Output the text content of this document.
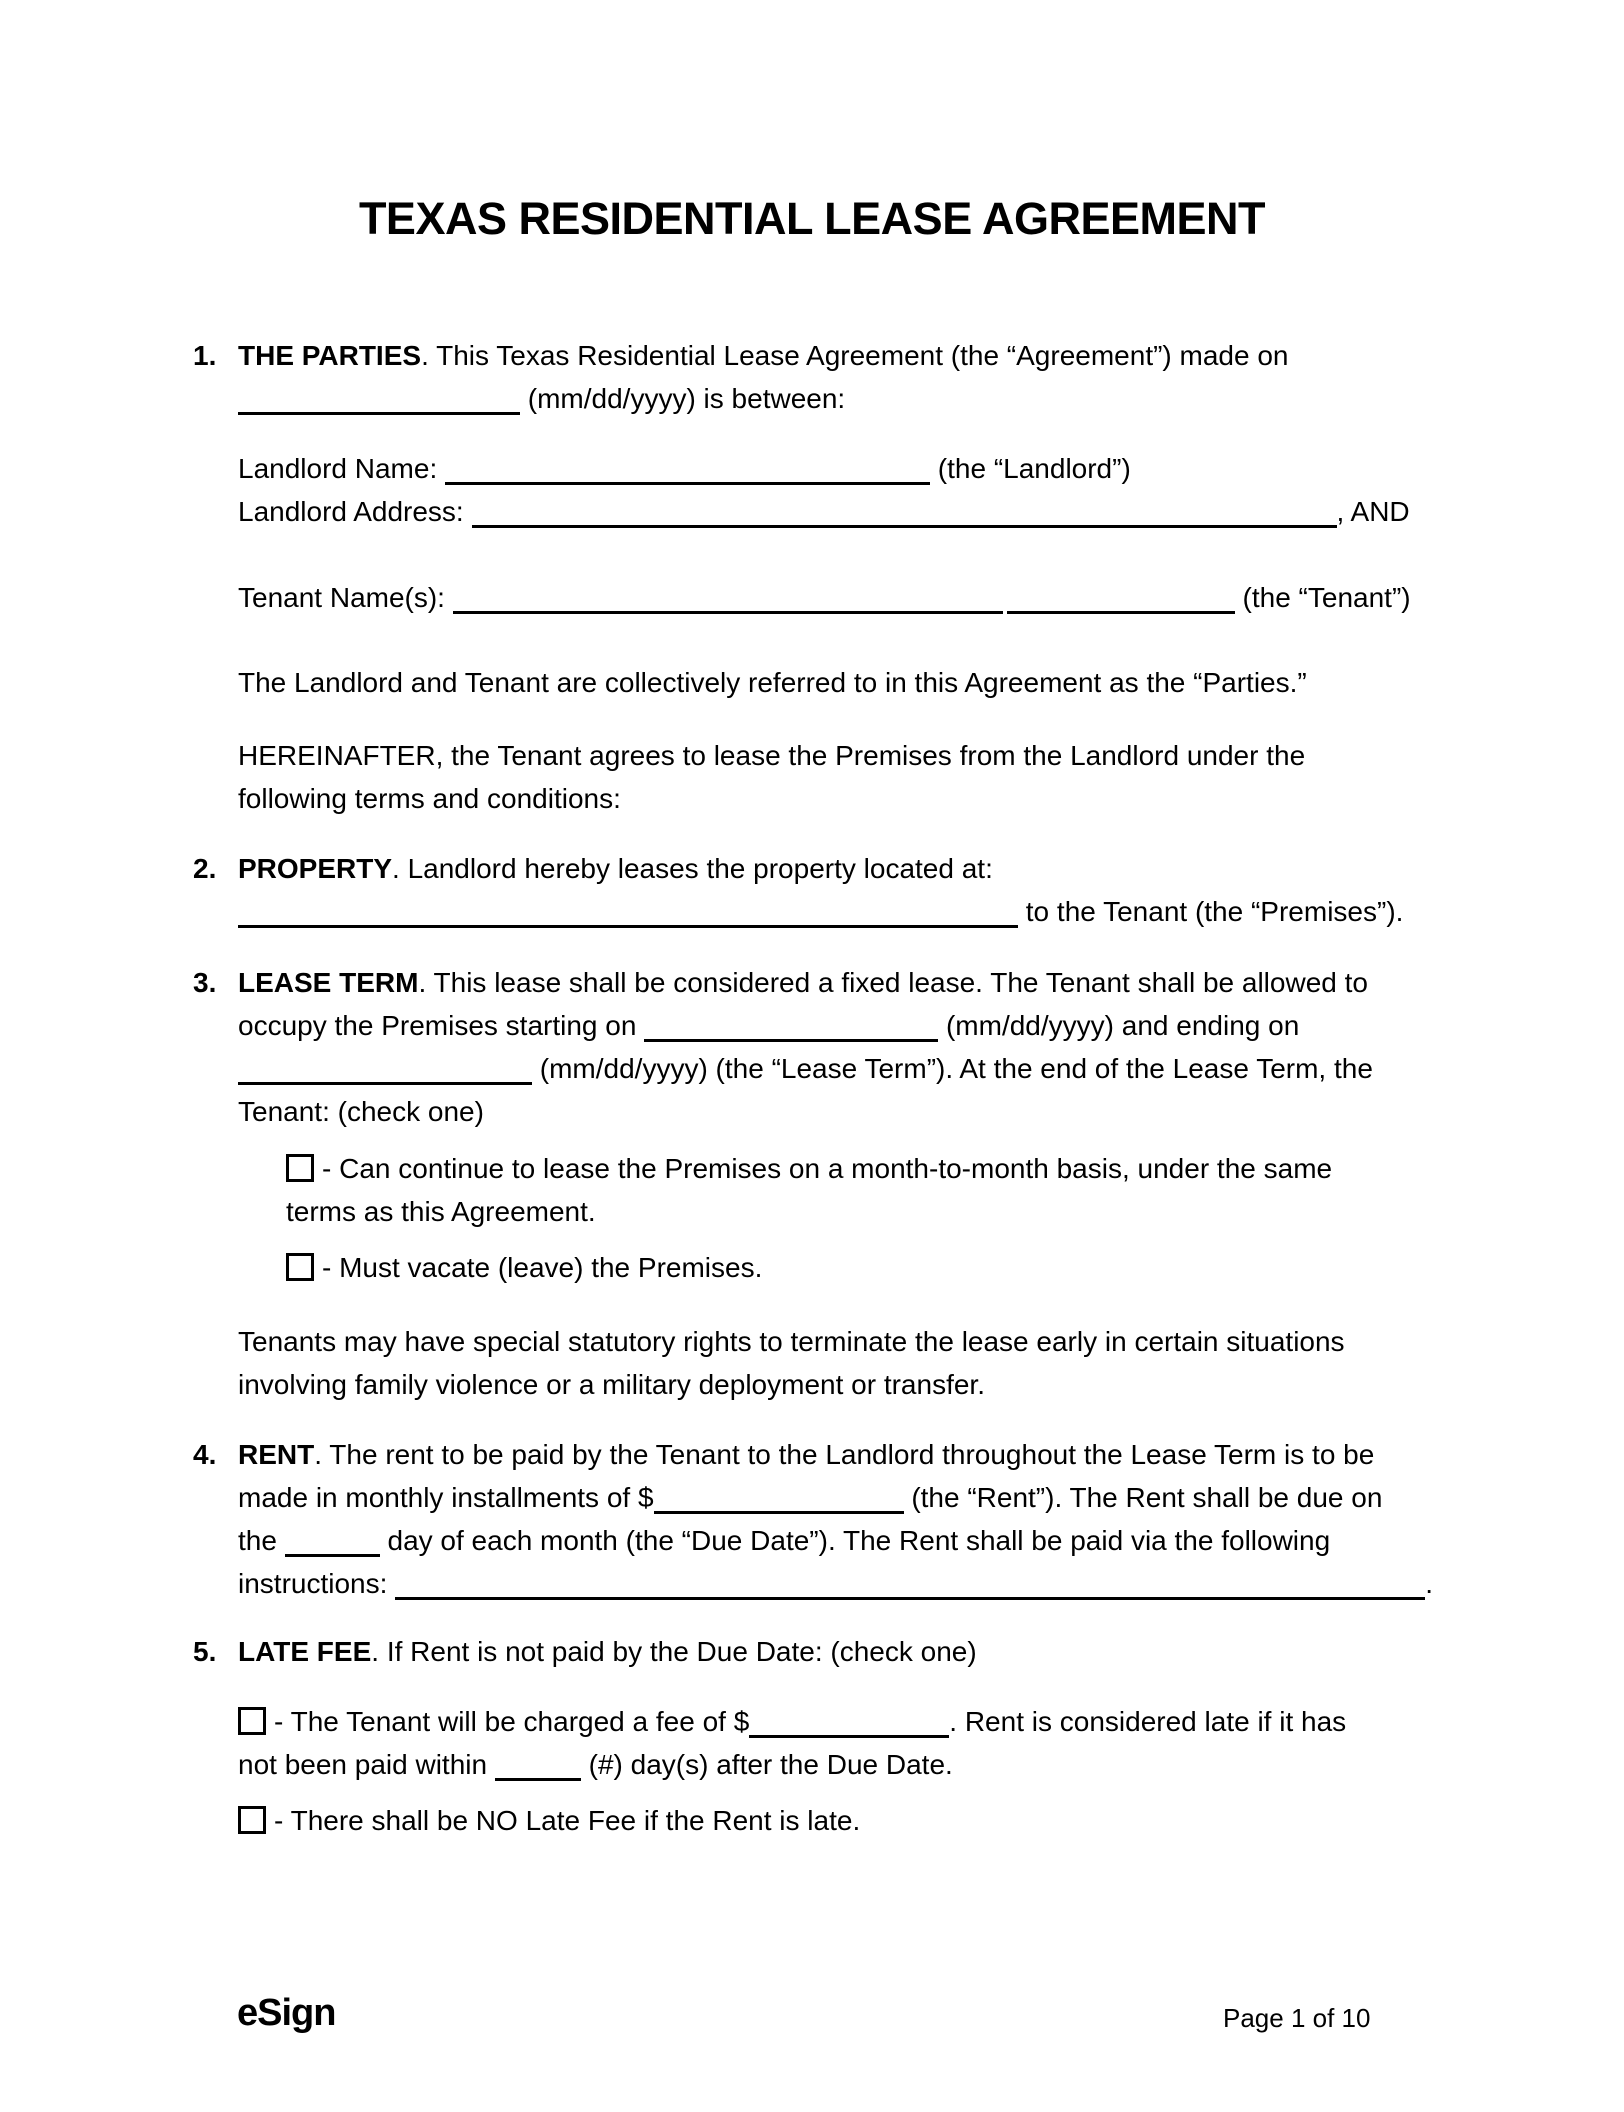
TEXAS RESIDENTIAL LEASE AGREEMENT
1. THE PARTIES. This Texas Residential Lease Agreement (the “Agreement”) made on
(mm/dd/yyyy) is between:
Landlord Name:	(the “Landlord”)
Landlord Address:	, AND
Tenant Name(s):	(the “Tenant”)
The Landlord and Tenant are collectively referred to in this Agreement as the “Parties.”
HEREINAFTER, the Tenant agrees to lease the Premises from the Landlord under the
following terms and conditions:
2. PROPERTY. Landlord hereby leases the property located at:
to the Tenant (the “Premises”).
3. LEASE TERM. This lease shall be considered a fixed lease. The Tenant shall be allowed to
occupy the Premises starting on	(mm/dd/yyyy) and ending on
(mm/dd/yyyy) (the “Lease Term”). At the end of the Lease Term, the
Tenant: (check one)
- Can continue to lease the Premises on a month-to-month basis, under the same
terms as this Agreement.
- Must vacate (leave) the Premises.
Tenants may have special statutory rights to terminate the lease early in certain situations
involving family violence or a military deployment or transfer.
4. RENT. The rent to be paid by the Tenant to the Landlord throughout the Lease Term is to be
made in monthly installments of $	(the “Rent”). The Rent shall be due on
the	day of each month (the “Due Date”). The Rent shall be paid via the following
instructions:	.
5. LATE FEE. If Rent is not paid by the Due Date: (check one)
- The Tenant will be charged a fee of $	. Rent is considered late if it has
not been paid within	(#) day(s) after the Due Date.
- There shall be NO Late Fee if the Rent is late.
eSign	Page 1 of 10
